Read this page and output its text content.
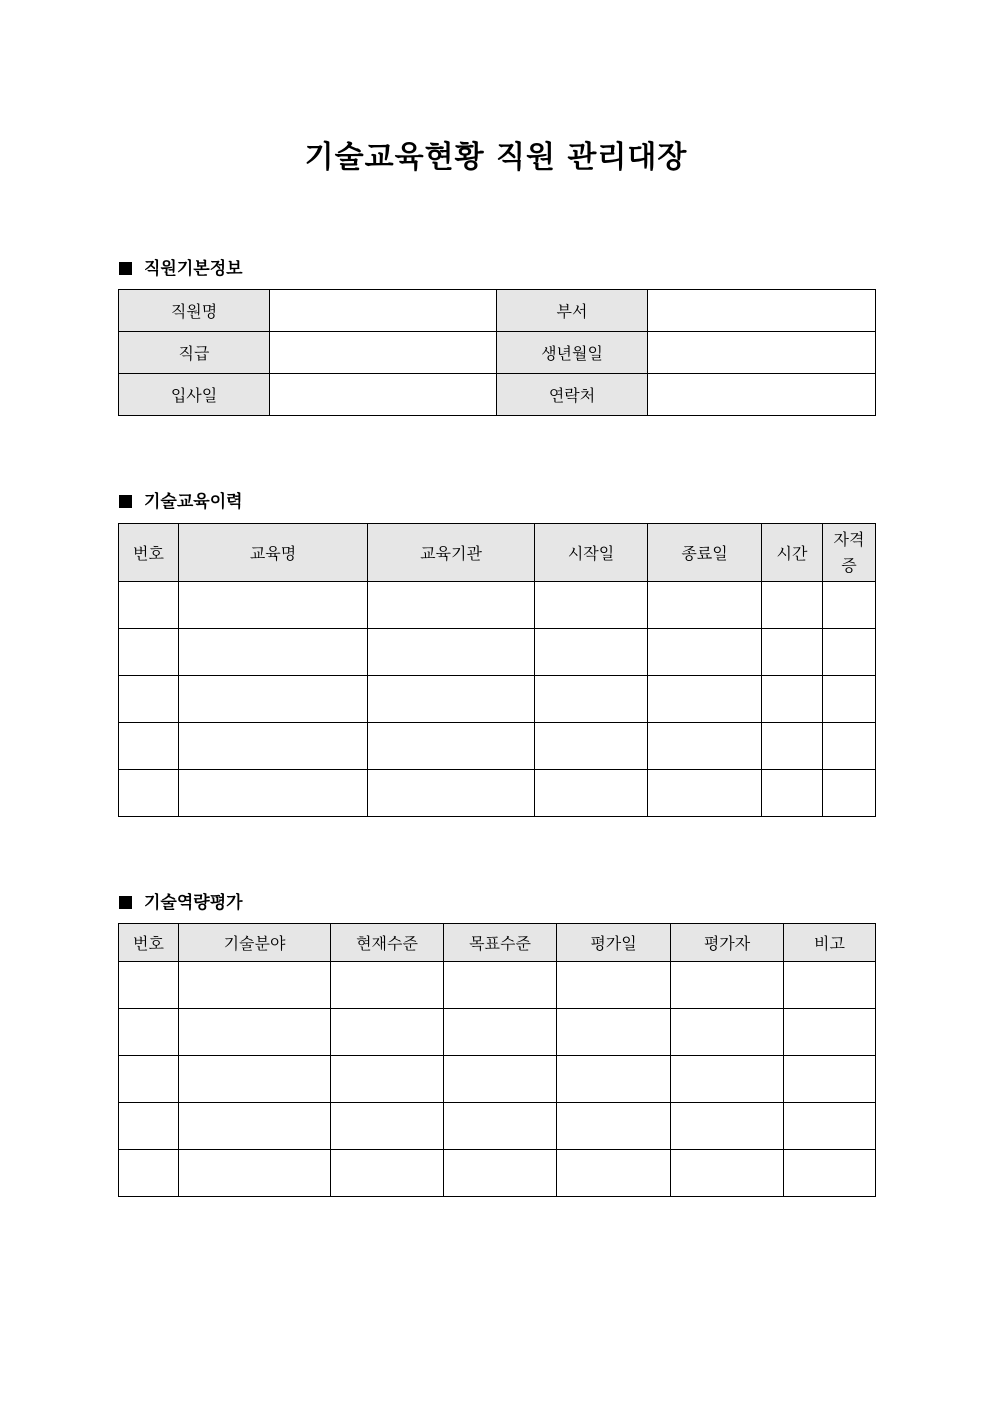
기술교육현황 직원 관리대장
직원기본정보
직원명		부서	
직급		생년월일	
입사일		연락처	
기술교육이력
번호	교육명	교육기관	시작일	종료일	시간	자격
증

기술역량평가
번호	기술분야	현재수준	목표수준	평가일	평가자	비고
